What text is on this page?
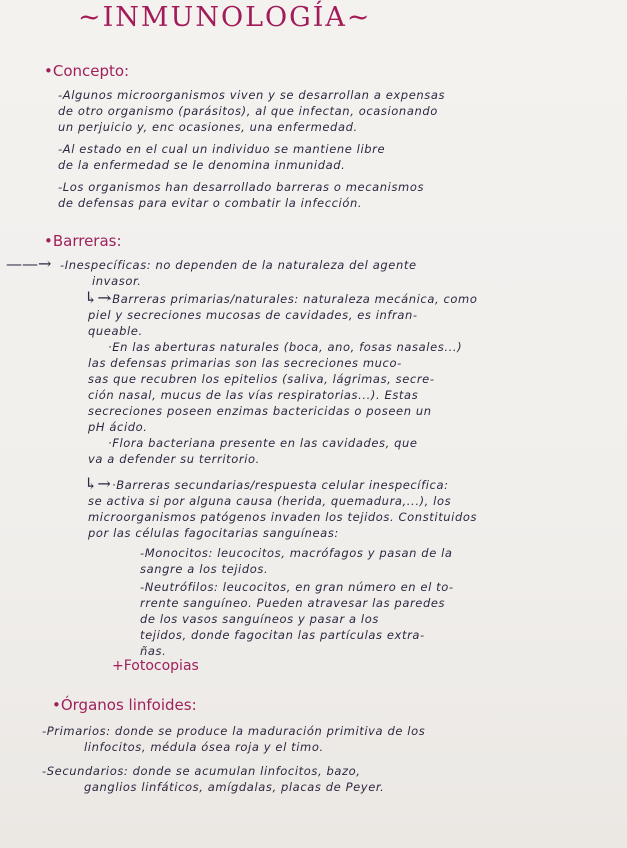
~INMUNOLOGÍA~
•Concepto:
-Algunos microorganismos viven y se desarrollan a expensas
de otro organismo (parásitos), al que infectan, ocasionando
un perjuicio y, enc ocasiones, una enfermedad.
-Al estado en el cual un individuo se mantiene libre
de la enfermedad se le denomina inmunidad.
-Los organismos han desarrollado barreras o mecanismos
de defensas para evitar o combatir la infección.
•Barreras:
——→ -Inespecíficas: no dependen de la naturaleza del agente
invasor.
↳→
·Barreras primarias/naturales: naturaleza mecánica, como
piel y secreciones mucosas de cavidades, es infran-
queable.
·En las aberturas naturales (boca, ano, fosas nasales...)
las defensas primarias son las secreciones muco-
sas que recubren los epitelios (saliva, lágrimas, secre-
ción nasal, mucus de las vías respiratorias...). Estas
secreciones poseen enzimas bactericidas o poseen un
pH ácido.
·Flora bacteriana presente en las cavidades, que
va a defender su territorio.
↳→ ·Barreras secundarias/respuesta celular inespecífica:
se activa si por alguna causa (herida, quemadura,...), los
microorganismos patógenos invaden los tejidos. Constituidos
por las células fagocitarias sanguíneas:
-Monocitos: leucocitos, macrófagos y pasan de la
sangre a los tejidos.
-Neutrófilos: leucocitos, en gran número en el to-
rrente sanguíneo. Pueden atravesar las paredes
de los vasos sanguíneos y pasar a los
tejidos, donde fagocitan las partículas extra-
ñas.
+Fotocopias
•Órganos linfoides:
-Primarios: donde se produce la maduración primitiva de los
linfocitos, médula ósea roja y el timo.
-Secundarios: donde se acumulan linfocitos, bazo,
ganglios linfáticos, amígdalas, placas de Peyer.
